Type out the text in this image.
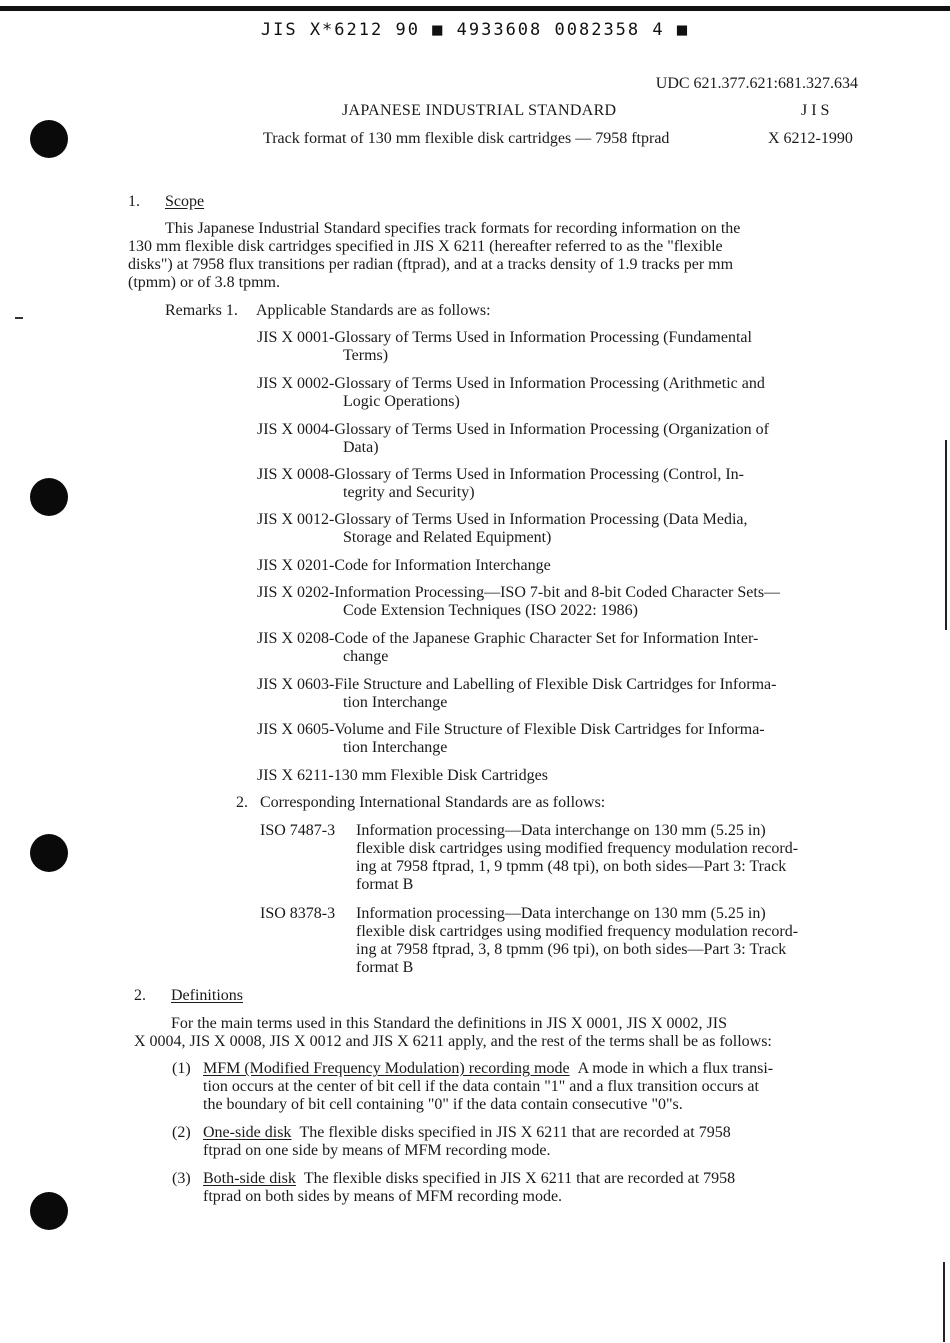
JIS X*6212 90 ■ 4933608 0082358 4 ■
UDC 621.377.621:681.327.634
JAPANESE INDUSTRIAL STANDARD	J I S
Track format of 130 mm flexible disk cartridges — 7958 ftprad	X 6212-1990
1. Scope
This Japanese Industrial Standard specifies track formats for recording information on the
130 mm flexible disk cartridges specified in JIS X 6211 (hereafter referred to as the "flexible
disks") at 7958 flux transitions per radian (ftprad), and at a tracks density of 1.9 tracks per mm
(tpmm) or of 3.8 tpmm.
Remarks 1. Applicable Standards are as follows:
JIS X 0001-Glossary of Terms Used in Information Processing (Fundamental
Terms)
JIS X 0002-Glossary of Terms Used in Information Processing (Arithmetic and
Logic Operations)
JIS X 0004-Glossary of Terms Used in Information Processing (Organization of
Data)
JIS X 0008-Glossary of Terms Used in Information Processing (Control, In-
tegrity and Security)
JIS X 0012-Glossary of Terms Used in Information Processing (Data Media,
Storage and Related Equipment)
JIS X 0201-Code for Information Interchange
JIS X 0202-Information Processing—ISO 7-bit and 8-bit Coded Character Sets—
Code Extension Techniques (ISO 2022: 1986)
JIS X 0208-Code of the Japanese Graphic Character Set for Information Inter-
change
JIS X 0603-File Structure and Labelling of Flexible Disk Cartridges for Informa-
tion Interchange
JIS X 0605-Volume and File Structure of Flexible Disk Cartridges for Informa-
tion Interchange
JIS X 6211-130 mm Flexible Disk Cartridges
2. Corresponding International Standards are as follows:
ISO 7487-3	Information processing—Data interchange on 130 mm (5.25 in)
flexible disk cartridges using modified frequency modulation record-
ing at 7958 ftprad, 1, 9 tpmm (48 tpi), on both sides—Part 3: Track
format B
ISO 8378-3	Information processing—Data interchange on 130 mm (5.25 in)
flexible disk cartridges using modified frequency modulation record-
ing at 7958 ftprad, 3, 8 tpmm (96 tpi), on both sides—Part 3: Track
format B
2. Definitions
For the main terms used in this Standard the definitions in JIS X 0001, JIS X 0002, JIS
X 0004, JIS X 0008, JIS X 0012 and JIS X 6211 apply, and the rest of the terms shall be as follows:
(1) MFM (Modified Frequency Modulation) recording mode A mode in which a flux transi-
tion occurs at the center of bit cell if the data contain "1" and a flux transition occurs at
the boundary of bit cell containing "0" if the data contain consecutive "0"s.
(2) One-side disk The flexible disks specified in JIS X 6211 that are recorded at 7958
ftprad on one side by means of MFM recording mode.
(3) Both-side disk The flexible disks specified in JIS X 6211 that are recorded at 7958
ftprad on both sides by means of MFM recording mode.
